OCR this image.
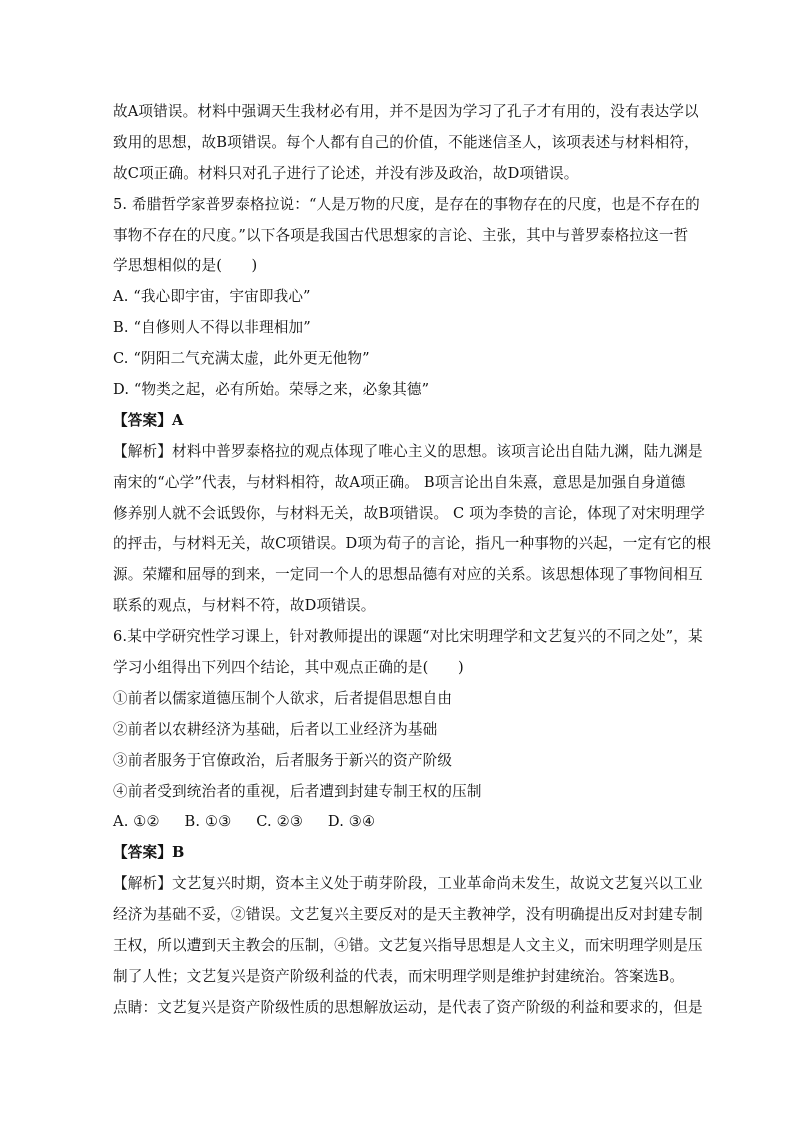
故A项错误。材料中强调天生我材必有用，并不是因为学习了孔子才有用的，没有表达学以
致用的思想，故B项错误。每个人都有自己的价值，不能迷信圣人，该项表述与材料相符，
故C项正确。材料只对孔子进行了论述，并没有涉及政治，故D项错误。
5. 希腊哲学家普罗泰格拉说：“人是万物的尺度，是存在的事物存在的尺度，也是不存在的
事物不存在的尺度。”以下各项是我国古代思想家的言论、主张，其中与普罗泰格拉这一哲
学思想相似的是(　　)
A. “我心即宇宙，宇宙即我心”
B. “自修则人不得以非理相加”
C. “阴阳二气充满太虚，此外更无他物”
D. “物类之起，必有所始。荣辱之来，必象其德”
【答案】A
【解析】材料中普罗泰格拉的观点体现了唯心主义的思想。该项言论出自陆九渊，陆九渊是
南宋的“心学”代表，与材料相符，故A项正确。 B项言论出自朱熹，意思是加强自身道德
修养别人就不会诋毁你，与材料无关，故B项错误。 C 项为李贽的言论，体现了对宋明理学
的抨击，与材料无关，故C项错误。D项为荀子的言论，指凡一种事物的兴起，一定有它的根
源。荣耀和屈辱的到来，一定同一个人的思想品德有对应的关系。该思想体现了事物间相互
联系的观点，与材料不符，故D项错误。
6.某中学研究性学习课上，针对教师提出的课题“对比宋明理学和文艺复兴的不同之处”，某
学习小组得出下列四个结论，其中观点正确的是(　　)
①前者以儒家道德压制个人欲求，后者提倡思想自由
②前者以农耕经济为基础，后者以工业经济为基础
③前者服务于官僚政治，后者服务于新兴的资产阶级
④前者受到统治者的重视，后者遭到封建专制王权的压制
A. ①② B. ①③ C. ②③ D. ③④
【答案】B
【解析】文艺复兴时期，资本主义处于萌芽阶段，工业革命尚未发生，故说文艺复兴以工业
经济为基础不妥，②错误。文艺复兴主要反对的是天主教神学，没有明确提出反对封建专制
王权，所以遭到天主教会的压制，④错。文艺复兴指导思想是人文主义，而宋明理学则是压
制了人性；文艺复兴是资产阶级利益的代表，而宋明理学则是维护封建统治。答案选B。
点睛：文艺复兴是资产阶级性质的思想解放运动，是代表了资产阶级的利益和要求的，但是
